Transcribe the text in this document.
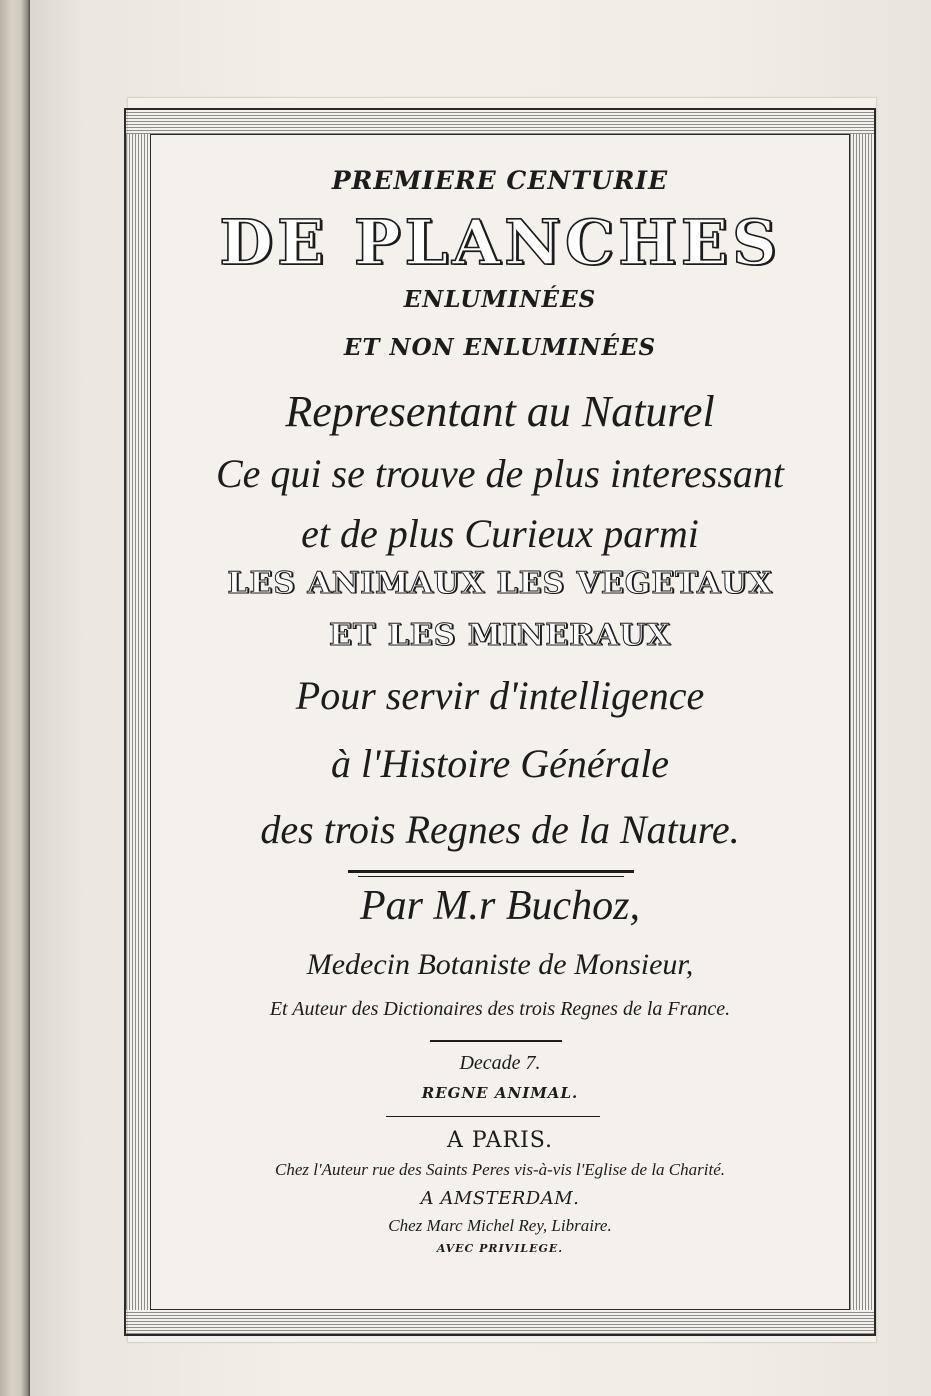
PREMIERE CENTURIE
DE PLANCHES
ENLUMINÉES
ET NON ENLUMINÉES
Representant au Naturel
Ce qui se trouve de plus interessant
et de plus Curieux parmi
LES ANIMAUX LES VEGETAUX
ET LES MINERAUX
Pour servir d'intelligence
à l'Histoire Générale
des trois Regnes de la Nature.
Par M.r Buchoz,
Medecin Botaniste de Monsieur,
Et Auteur des Dictionaires des trois Regnes de la France.
Decade 7.
REGNE ANIMAL.
A PARIS.
Chez l'Auteur rue des Saints Peres vis-à-vis l'Eglise de la Charité.
A AMSTERDAM.
Chez Marc Michel Rey, Libraire.
AVEC PRIVILEGE.
